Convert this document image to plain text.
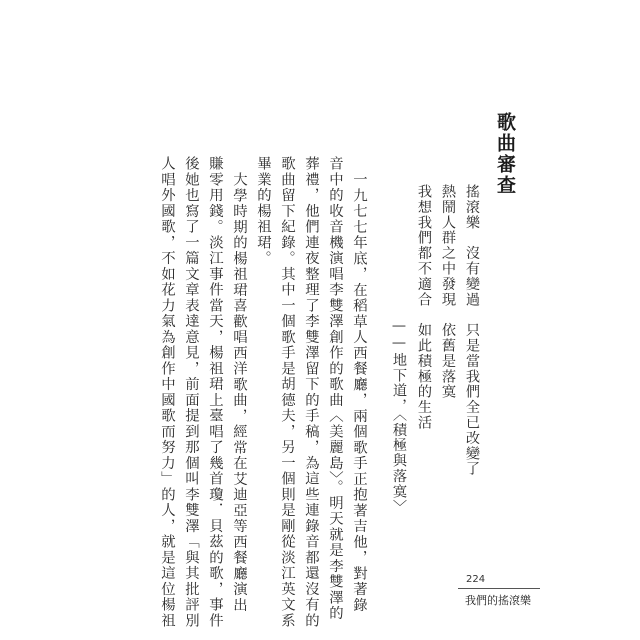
歌曲審查
搖滾樂　沒有變過　只是當我們全已改變了
熱鬧人群之中發現　依舊是落寞
我想我們都不適合　如此積極的生活
——地下道，〈積極與落寞〉
一九七七年底，在稻草人西餐廳，兩個歌手正抱著吉他，對著錄
音中的收音機演唱李雙澤創作的歌曲〈美麗島〉。明天就是李雙澤的
葬禮，他們連夜整理了李雙澤留下的手稿，為這些連錄音都還沒有的
歌曲留下紀錄。其中一個歌手是胡德夫，另一個則是剛從淡江英文系
畢業的楊祖珺。
大學時期的楊祖珺喜歡唱西洋歌曲，經常在艾迪亞等西餐廳演出
賺零用錢。淡江事件當天，楊祖珺上臺唱了幾首瓊．貝茲的歌，事件
後她也寫了一篇文章表達意見，前面提到那個叫李雙澤「與其批評別
人唱外國歌，不如花力氣為創作中國歌而努力」的人，就是這位楊祖	224
我們的搖滾樂
